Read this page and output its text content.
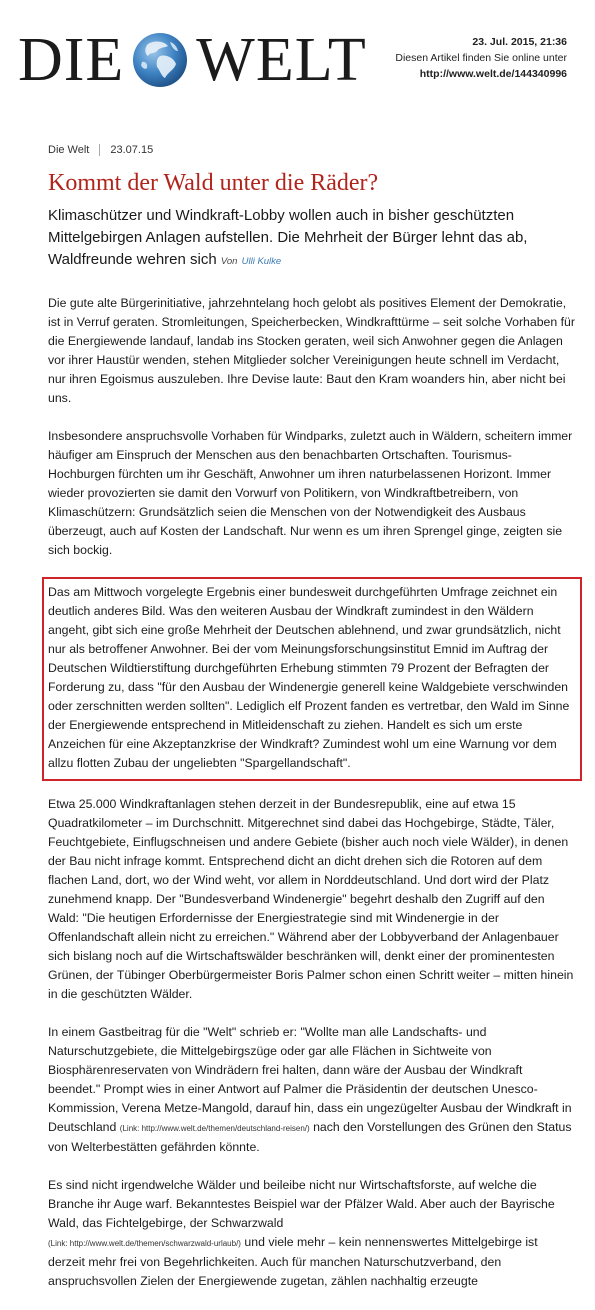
DIE WELT	23. Jul. 2015, 21:36
Diesen Artikel finden Sie online unter
http://www.welt.de/144340996
Die Welt 23.07.15
Kommt der Wald unter die Räder?
Klimaschützer und Windkraft-Lobby wollen auch in bisher geschützten Mittelgebirgen Anlagen aufstellen. Die Mehrheit der Bürger lehnt das ab, Waldfreunde wehren sich Von Ulli Kulke

Die gute alte Bürgerinitiative, jahrzehntelang hoch gelobt als positives Element der Demokratie, ist in Verruf geraten. Stromleitungen, Speicherbecken, Windkrafttürme – seit solche Vorhaben für die Energiewende landauf, landab ins Stocken geraten, weil sich Anwohner gegen die Anlagen vor ihrer Haustür wenden, stehen Mitglieder solcher Vereinigungen heute schnell im Verdacht, nur ihren Egoismus auszuleben. Ihre Devise laute: Baut den Kram woanders hin, aber nicht bei uns.

Insbesondere anspruchsvolle Vorhaben für Windparks, zuletzt auch in Wäldern, scheitern immer häufiger am Einspruch der Menschen aus den benachbarten Ortschaften. Tourismus-Hochburgen fürchten um ihr Geschäft, Anwohner um ihren naturbelassenen Horizont. Immer wieder provozierten sie damit den Vorwurf von Politikern, von Windkraftbetreibern, von Klimaschützern: Grundsätzlich seien die Menschen von der Notwendigkeit des Ausbaus überzeugt, auch auf Kosten der Landschaft. Nur wenn es um ihren Sprengel ginge, zeigten sie sich bockig.

Das am Mittwoch vorgelegte Ergebnis einer bundesweit durchgeführten Umfrage zeichnet ein deutlich anderes Bild. Was den weiteren Ausbau der Windkraft zumindest in den Wäldern angeht, gibt sich eine große Mehrheit der Deutschen ablehnend, und zwar grundsätzlich, nicht nur als betroffener Anwohner. Bei der vom Meinungsforschungsinstitut Emnid im Auftrag der Deutschen Wildtierstiftung durchgeführten Erhebung stimmten 79 Prozent der Befragten der Forderung zu, dass "für den Ausbau der Windenergie generell keine Waldgebiete verschwinden oder zerschnitten werden sollten". Lediglich elf Prozent fanden es vertretbar, den Wald im Sinne der Energiewende entsprechend in Mitleidenschaft zu ziehen. Handelt es sich um erste Anzeichen für eine Akzeptanzkrise der Windkraft? Zumindest wohl um eine Warnung vor dem allzu flotten Zubau der ungeliebten "Spargellandschaft".

Etwa 25.000 Windkraftanlagen stehen derzeit in der Bundesrepublik, eine auf etwa 15 Quadratkilometer – im Durchschnitt. Mitgerechnet sind dabei das Hochgebirge, Städte, Täler, Feuchtgebiete, Einflugschneisen und andere Gebiete (bisher auch noch viele Wälder), in denen der Bau nicht infrage kommt. Entsprechend dicht an dicht drehen sich die Rotoren auf dem flachen Land, dort, wo der Wind weht, vor allem in Norddeutschland. Und dort wird der Platz zunehmend knapp. Der "Bundesverband Windenergie" begehrt deshalb den Zugriff auf den Wald: "Die heutigen Erfordernisse der Energiestrategie sind mit Windenergie in der Offenlandschaft allein nicht zu erreichen." Während aber der Lobbyverband der Anlagenbauer sich bislang noch auf die Wirtschaftswälder beschränken will, denkt einer der prominentesten Grünen, der Tübinger Oberbürgermeister Boris Palmer schon einen Schritt weiter – mitten hinein in die geschützten Wälder.

In einem Gastbeitrag für die "Welt" schrieb er: "Wollte man alle Landschafts- und Naturschutzgebiete, die Mittelgebirgszüge oder gar alle Flächen in Sichtweite von Biosphärenreservaten von Windrädern frei halten, dann wäre der Ausbau der Windkraft beendet." Prompt wies in einer Antwort auf Palmer die Präsidentin der deutschen Unesco-Kommission, Verena Metze-Mangold, darauf hin, dass ein ungezügelter Ausbau der Windkraft in Deutschland (Link: http://www.welt.de/themen/deutschland-reisen/) nach den Vorstellungen des Grünen den Status von Welterbestätten gefährden könnte.

Es sind nicht irgendwelche Wälder und beileibe nicht nur Wirtschaftsforste, auf welche die Branche ihr Auge warf. Bekanntestes Beispiel war der Pfälzer Wald. Aber auch der Bayrische Wald, das Fichtelgebirge, der Schwarzwald
(Link: http://www.welt.de/themen/schwarzwald-urlaub/) und viele mehr – kein nennenswertes Mittelgebirge ist derzeit mehr frei von Begehrlichkeiten. Auch für manchen Naturschutzverband, den anspruchsvollen Zielen der Energiewende zugetan, zählen nachhaltig erzeugte
